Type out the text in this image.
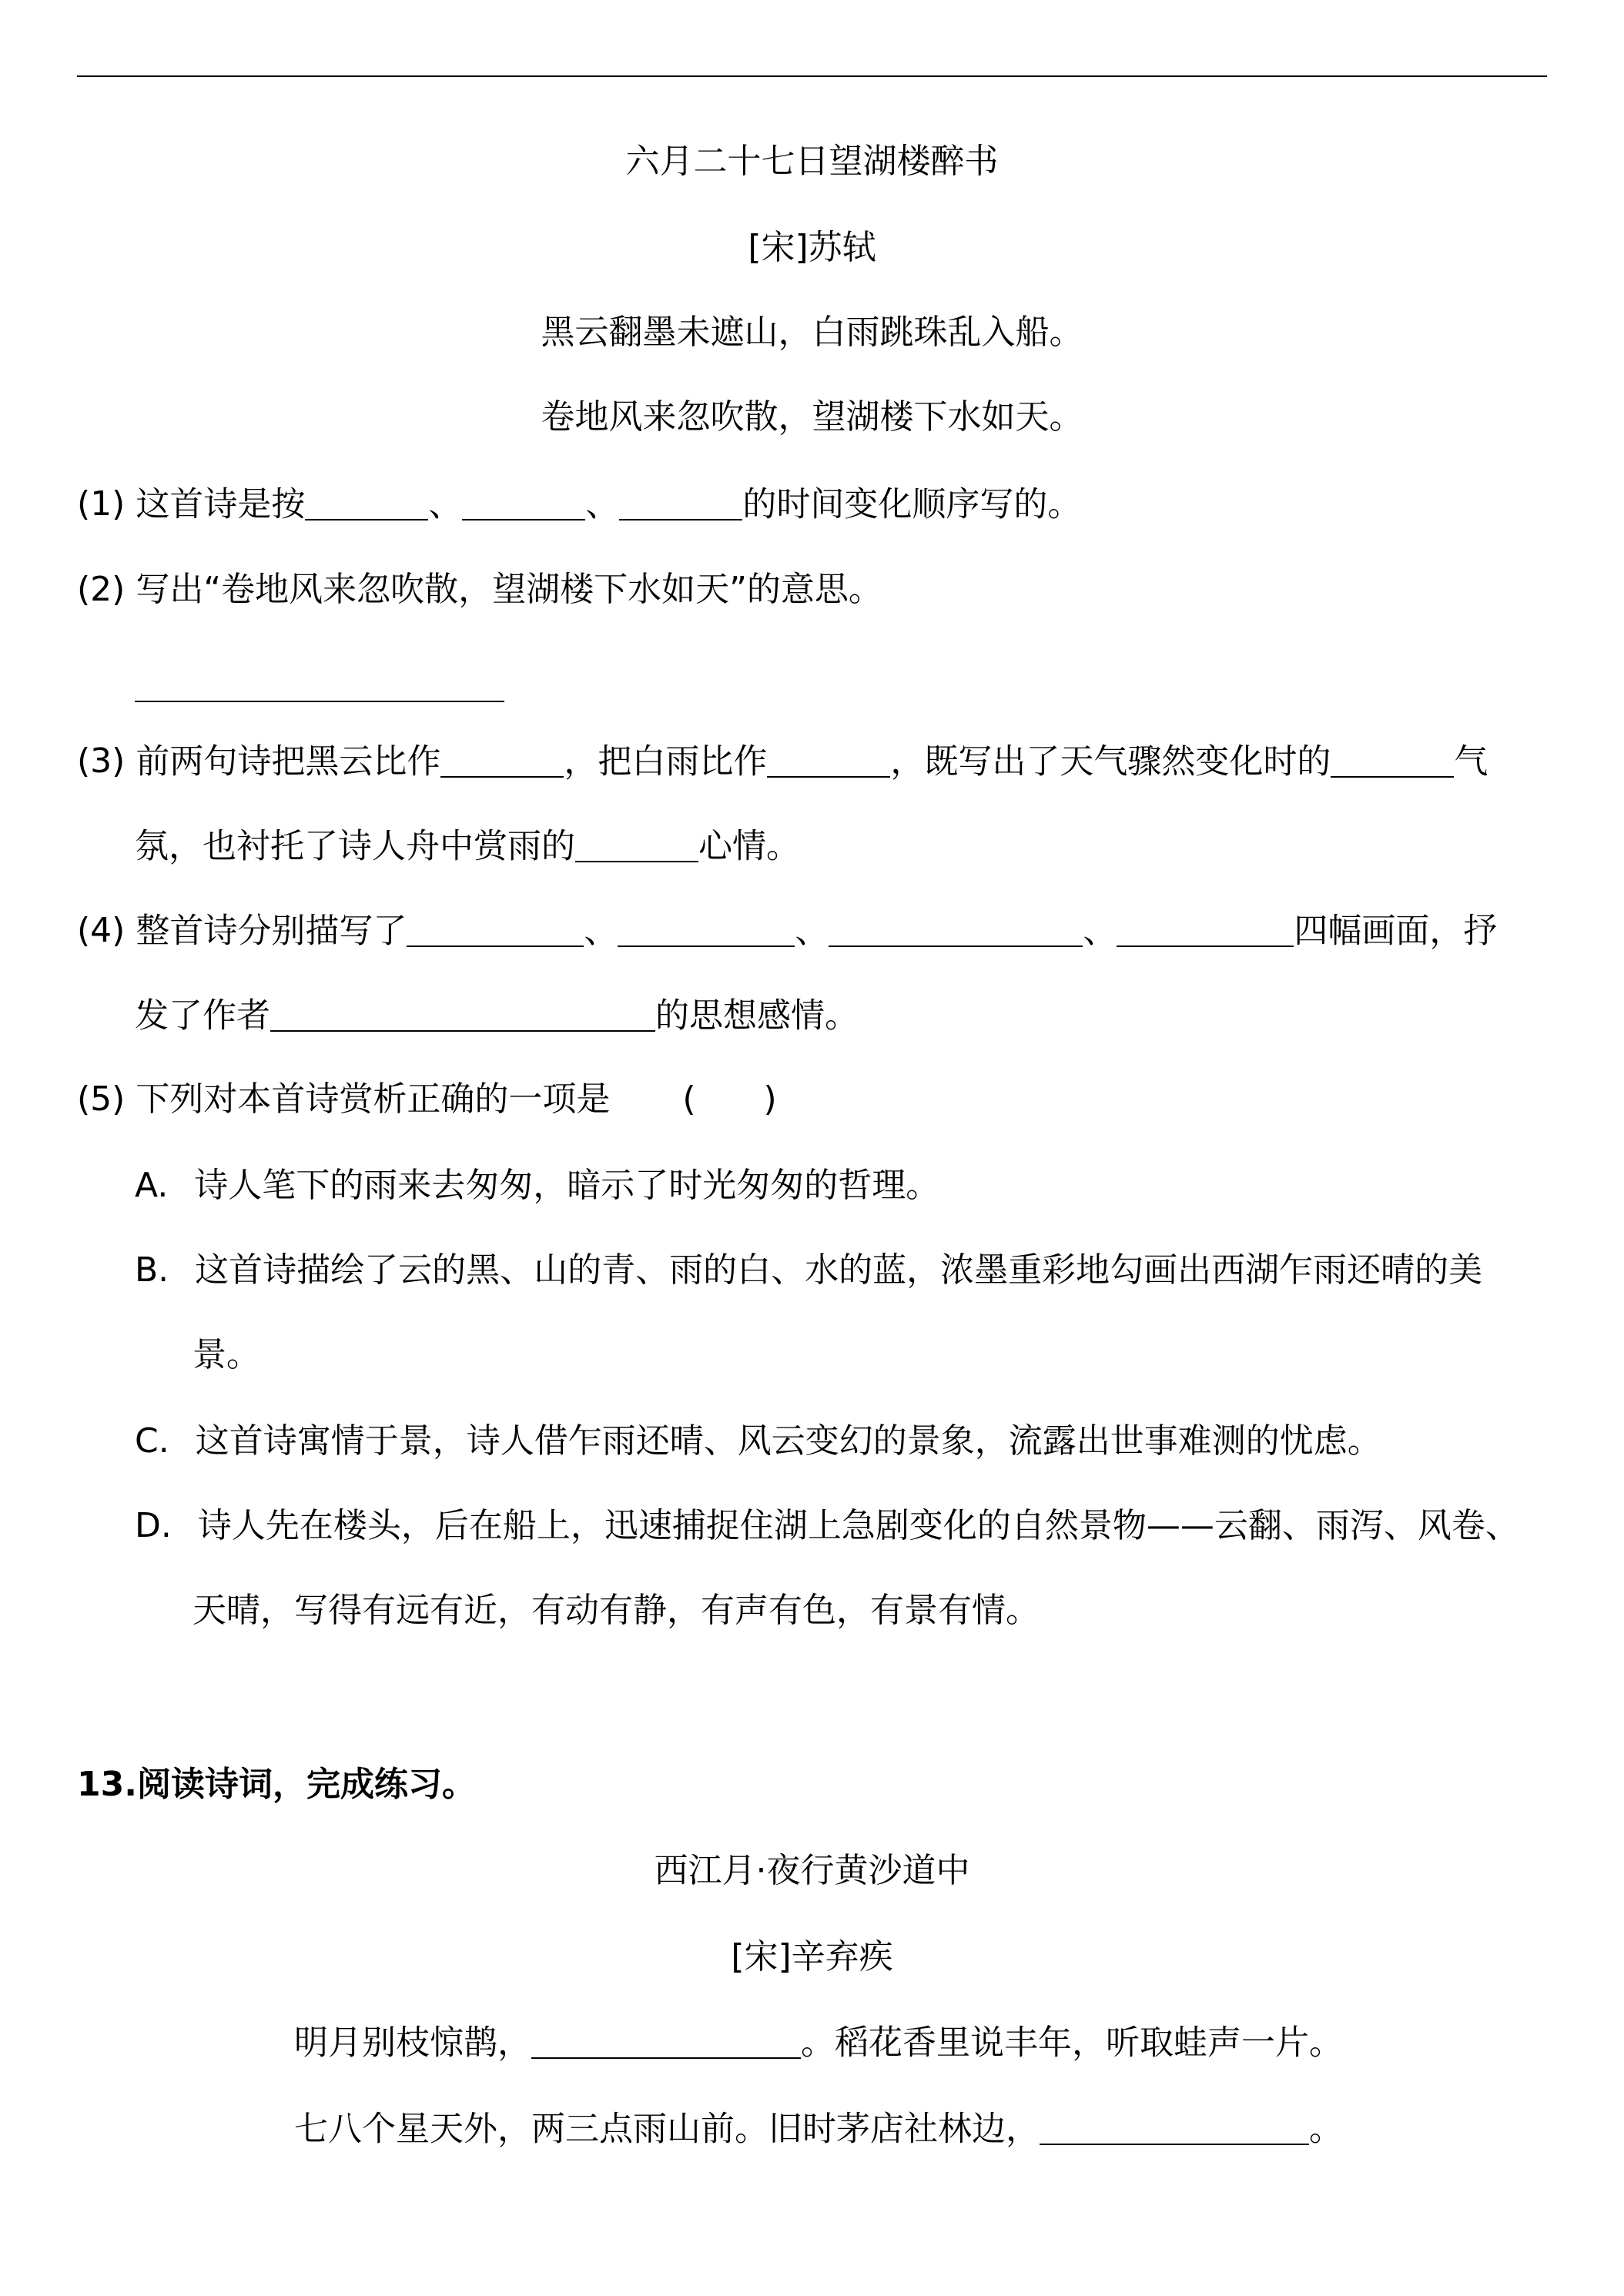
六月二十七日望湖楼醉书
[宋]苏轼
黑云翻墨未遮山，白雨跳珠乱入船。
卷地风来忽吹散，望湖楼下水如天。
(1) 这首诗是按	、	、	的时间变化顺序写的。
(2) 写出“卷地风来忽吹散，望湖楼下水如天”的意思。
(3) 前两句诗把黑云比作	，把白雨比作	，既写出了天气骤然变化时的	气
氛，也衬托了诗人舟中赏雨的	心情。
(4) 整首诗分别描写了	、	、	、	四幅画面，抒
发了作者	的思想感情。
(5) 下列对本首诗赏析正确的一项是 (　　)
A. 诗人笔下的雨来去匆匆，暗示了时光匆匆的哲理。
B. 这首诗描绘了云的黑、山的青、雨的白、水的蓝，浓墨重彩地勾画出西湖乍雨还晴的美
景。
C. 这首诗寓情于景，诗人借乍雨还晴、风云变幻的景象，流露出世事难测的忧虑。
D. 诗人先在楼头，后在船上，迅速捕捉住湖上急剧变化的自然景物——云翻、雨泻、风卷、
天晴，写得有远有近，有动有静，有声有色，有景有情。
13.阅读诗词，完成练习。
西江月·夜行黄沙道中
[宋]辛弃疾
明月别枝惊鹊，	。稻花香里说丰年，听取蛙声一片。
七八个星天外，两三点雨山前。旧时茅店社林边，	。
